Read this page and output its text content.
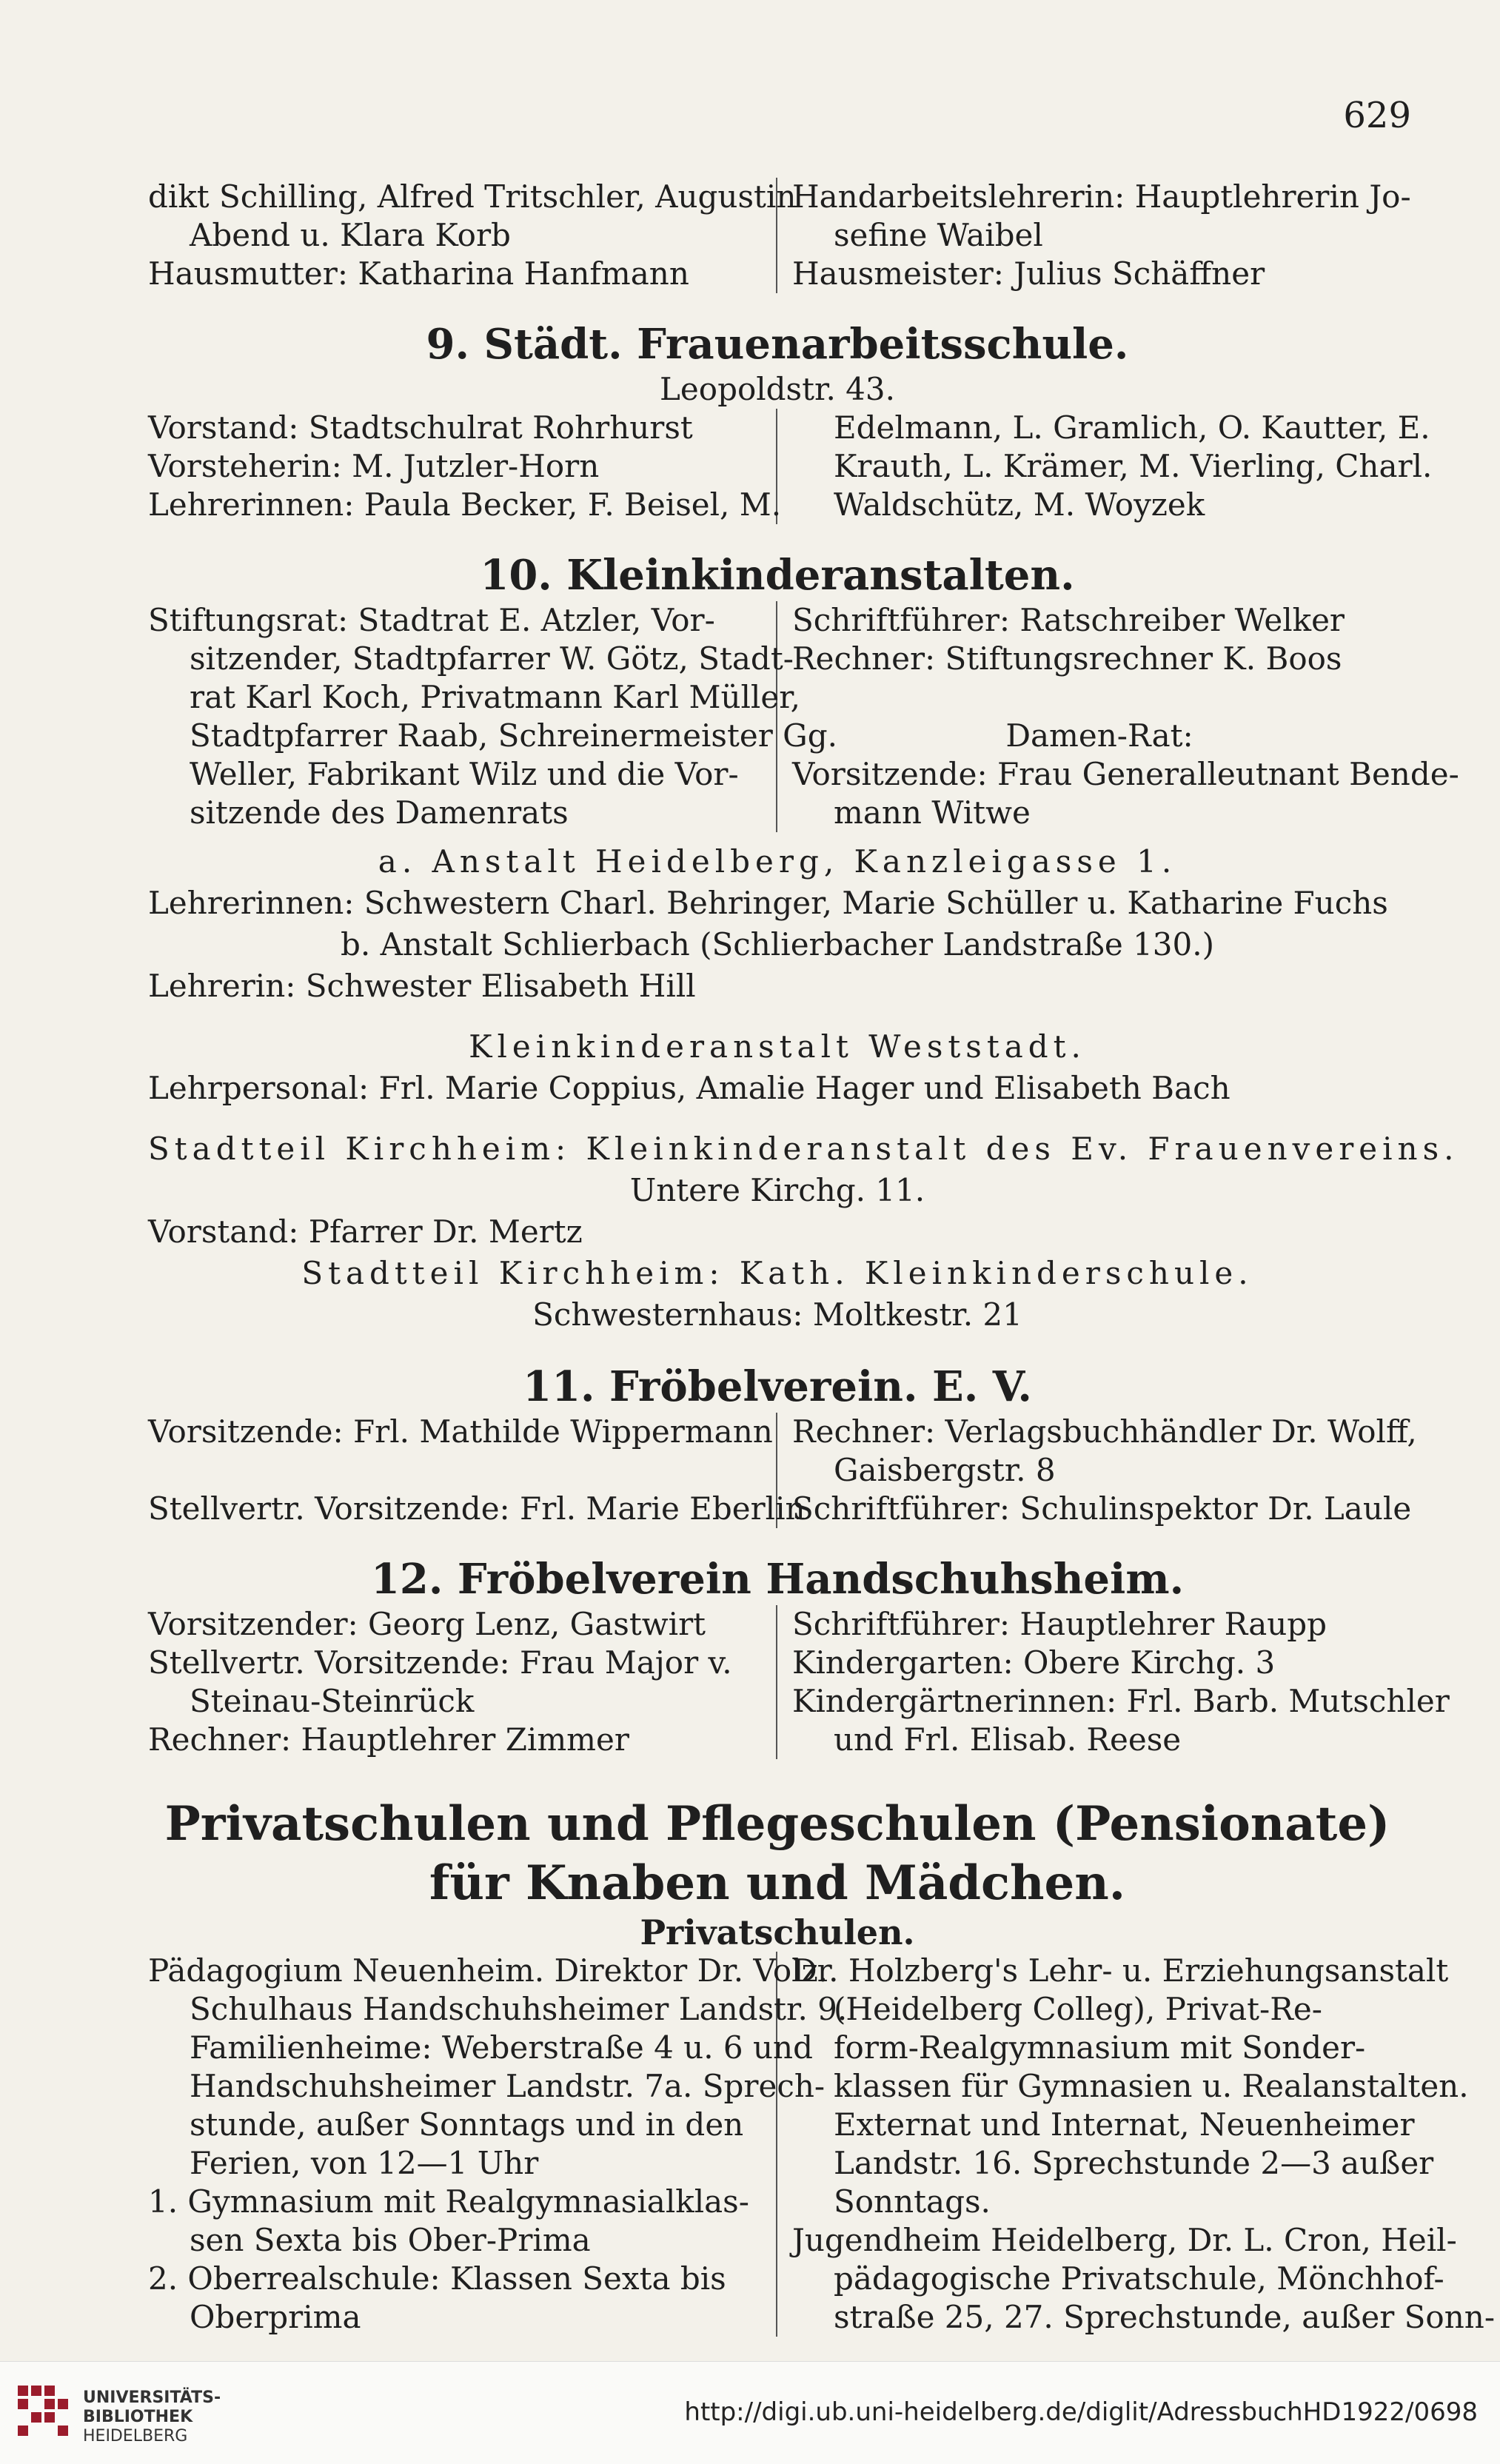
629
dikt Schilling, Alfred Tritschler, Augustin
Abend u. Klara Korb
Hausmutter: Katharina Hanfmann
Handarbeitslehrerin: Hauptlehrerin Jo-
sefine Waibel
Hausmeister: Julius Schäffner
9. Städt. Frauenarbeitsschule.
Leopoldstr. 43.
Vorstand: Stadtschulrat Rohrhurst
Vorsteherin: M. Jutzler-Horn
Lehrerinnen: Paula Becker, F. Beisel, M.
Edelmann, L. Gramlich, O. Kautter, E.
Krauth, L. Krämer, M. Vierling, Charl.
Waldschütz, M. Woyzek
10. Kleinkinderanstalten.
Stiftungsrat: Stadtrat E. Atzler, Vor-
sitzender, Stadtpfarrer W. Götz, Stadt-
rat Karl Koch, Privatmann Karl Müller,
Stadtpfarrer Raab, Schreinermeister Gg.
Weller, Fabrikant Wilz und die Vor-
sitzende des Damenrats
Schriftführer: Ratschreiber Welker
Rechner: Stiftungsrechner K. Boos

Damen-Rat:
Vorsitzende: Frau Generalleutnant Bende-
mann Witwe
a. Anstalt Heidelberg, Kanzleigasse 1.
Lehrerinnen: Schwestern Charl. Behringer, Marie Schüller u. Katharine Fuchs
b. Anstalt Schlierbach (Schlierbacher Landstraße 130.)
Lehrerin: Schwester Elisabeth Hill
Kleinkinderanstalt Weststadt.
Lehrpersonal: Frl. Marie Coppius, Amalie Hager und Elisabeth Bach
Stadtteil Kirchheim: Kleinkinderanstalt des Ev. Frauenvereins.
Untere Kirchg. 11.
Vorstand: Pfarrer Dr. Mertz
Stadtteil Kirchheim: Kath. Kleinkinderschule.
Schwesternhaus: Moltkestr. 21
11. Fröbelverein. E. V.
Vorsitzende: Frl. Mathilde Wippermann

Stellvertr. Vorsitzende: Frl. Marie Eberlin
Rechner: Verlagsbuchhändler Dr. Wolff,
Gaisbergstr. 8
Schriftführer: Schulinspektor Dr. Laule
12. Fröbelverein Handschuhsheim.
Vorsitzender: Georg Lenz, Gastwirt
Stellvertr. Vorsitzende: Frau Major v.
Steinau-Steinrück
Rechner: Hauptlehrer Zimmer
Schriftführer: Hauptlehrer Raupp
Kindergarten: Obere Kirchg. 3
Kindergärtnerinnen: Frl. Barb. Mutschler
und Frl. Elisab. Reese
Privatschulen und Pflegeschulen (Pensionate) für Knaben und Mädchen.
Privatschulen.
Pädagogium Neuenheim. Direktor Dr. Volz.
Schulhaus Handschuhsheimer Landstr. 9.
Familienheime: Weberstraße 4 u. 6 und
Handschuhsheimer Landstr. 7a. Sprech-
stunde, außer Sonntags und in den
Ferien, von 12—1 Uhr
1. Gymnasium mit Realgymnasialklas-
sen Sexta bis Ober-Prima
2. Oberrealschule: Klassen Sexta bis
Oberprima
Dr. Holzberg's Lehr- u. Erziehungsanstalt
(Heidelberg Colleg), Privat-Re-
form-Realgymnasium mit Sonder-
klassen für Gymnasien u. Realanstalten.
Externat und Internat, Neuenheimer
Landstr. 16. Sprechstunde 2—3 außer
Sonntags.
Jugendheim Heidelberg, Dr. L. Cron, Heil-
pädagogische Privatschule, Mönchhof-
straße 25, 27. Sprechstunde, außer Sonn-
UNIVERSITÄTS-
BIBLIOTHEK
HEIDELBERG
http://digi.ub.uni-heidelberg.de/diglit/AdressbuchHD1922/0698
